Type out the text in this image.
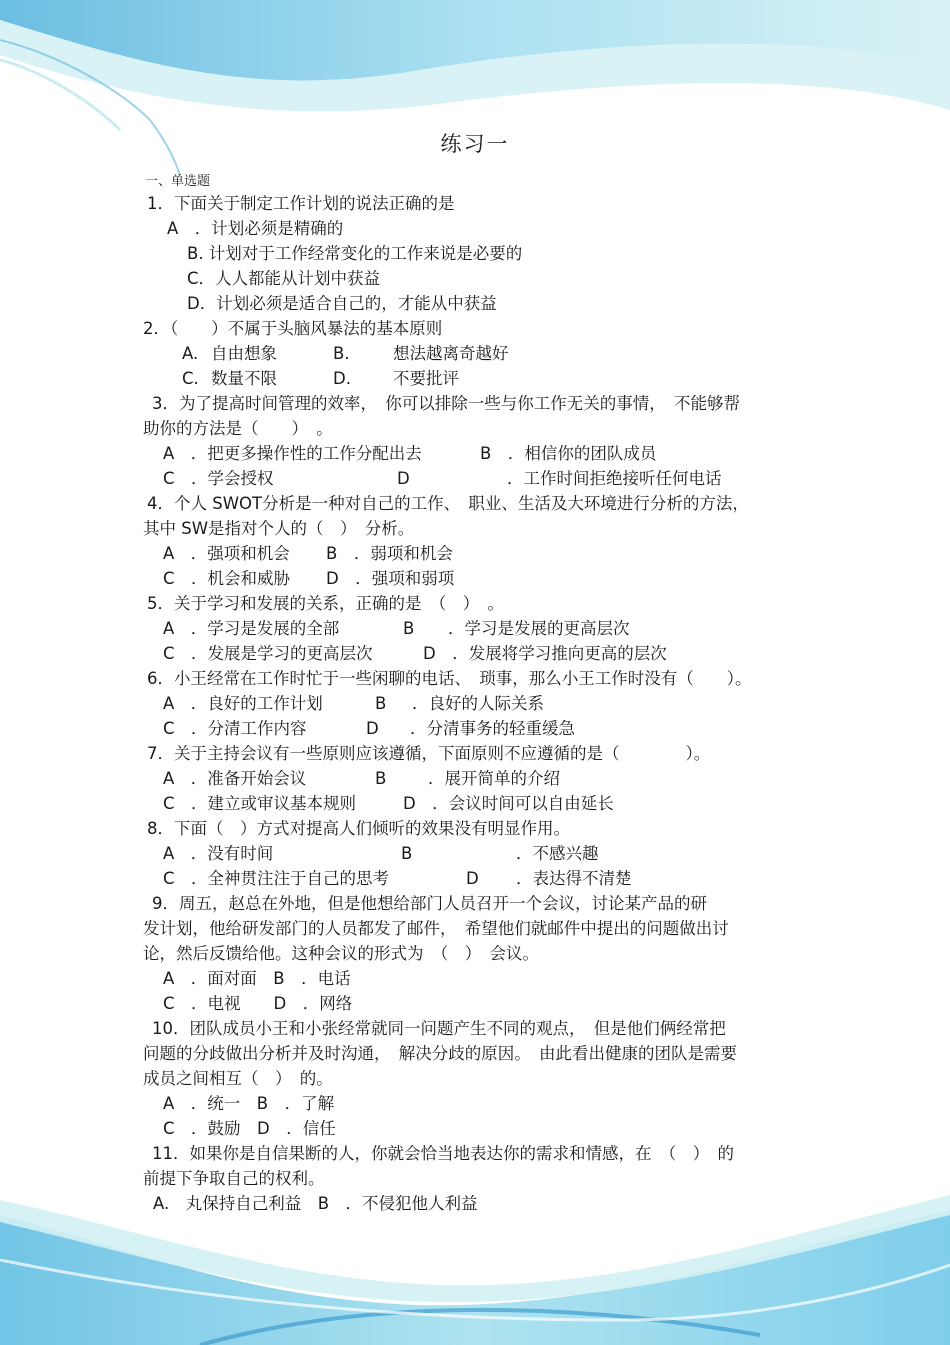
练习一
一、单选题
1．下面关于制定工作计划的说法正确的是
A　．计划必须是精确的
B. 计划对于工作经常变化的工作来说是必要的
C．人人都能从计划中获益
D．计划必须是适合自己的，才能从中获益
2．（　　）不属于头脑风暴法的基本原则
A. 自由想象	B.	想法越离奇越好
C. 数量不限	D.	不要批评
3．为了提高时间管理的效率，　你可以排除一些与你工作无关的事情，　不能够帮
助你的方法是（　　）　。
A　．把更多操作性的工作分配出去	B　．相信你的团队成员
C　．学会授权	D	．工作时间拒绝接听任何电话
4．个人 SWOT分析是一种对自己的工作、　职业、生活及大环境进行分析的方法，
其中 SW是指对个人的（　）　分析。
A　．强项和机会 B　．弱项和机会
C　．机会和威胁 D　．强项和弱项
5．关于学习和发展的关系，正确的是　（　）　。
A　．学习是发展的全部	B ．学习是发展的更高层次
C　．发展是学习的更高层次	D　．发展将学习推向更高的层次
6．小王经常在工作时忙于一些闲聊的电话、　琐事，那么小王工作时没有（　　）。
A　．良好的工作计划	B ．良好的人际关系
C　．分清工作内容	D ．分清事务的轻重缓急
7．关于主持会议有一些原则应该遵循，下面原则不应遵循的是（　　　　）。
A　．准备开始会议	B	．展开简单的介绍
C　．建立或审议基本规则	D　．会议时间可以自由延长
8．下面（　）方式对提高人们倾听的效果没有明显作用。
A　．没有时间	B	．不感兴趣
C　．全神贯注注于自己的思考	D ．表达得不清楚
9．周五，赵总在外地，但是他想给部门人员召开一个会议，讨论某产品的研
发计划，他给研发部门的人员都发了邮件，　希望他们就邮件中提出的问题做出讨
论，然后反馈给他。这种会议的形式为　（　）　会议。
A　．面对面　B　．电话
C　．电视　　D　．网络
10．团队成员小王和小张经常就同一问题产生不同的观点，　但是他们俩经常把
问题的分歧做出分析并及时沟通，　解决分歧的原因。　由此看出健康的团队是需要
成员之间相互（　）　的。
A　．统一　B　．了解
C　．鼓励　D　．信任
11．如果你是自信果断的人，你就会恰当地表达你的需求和情感，在　（　）　的
前提下争取自己的权利。
A.　丸保持自己利益　B　．不侵犯他人利益
